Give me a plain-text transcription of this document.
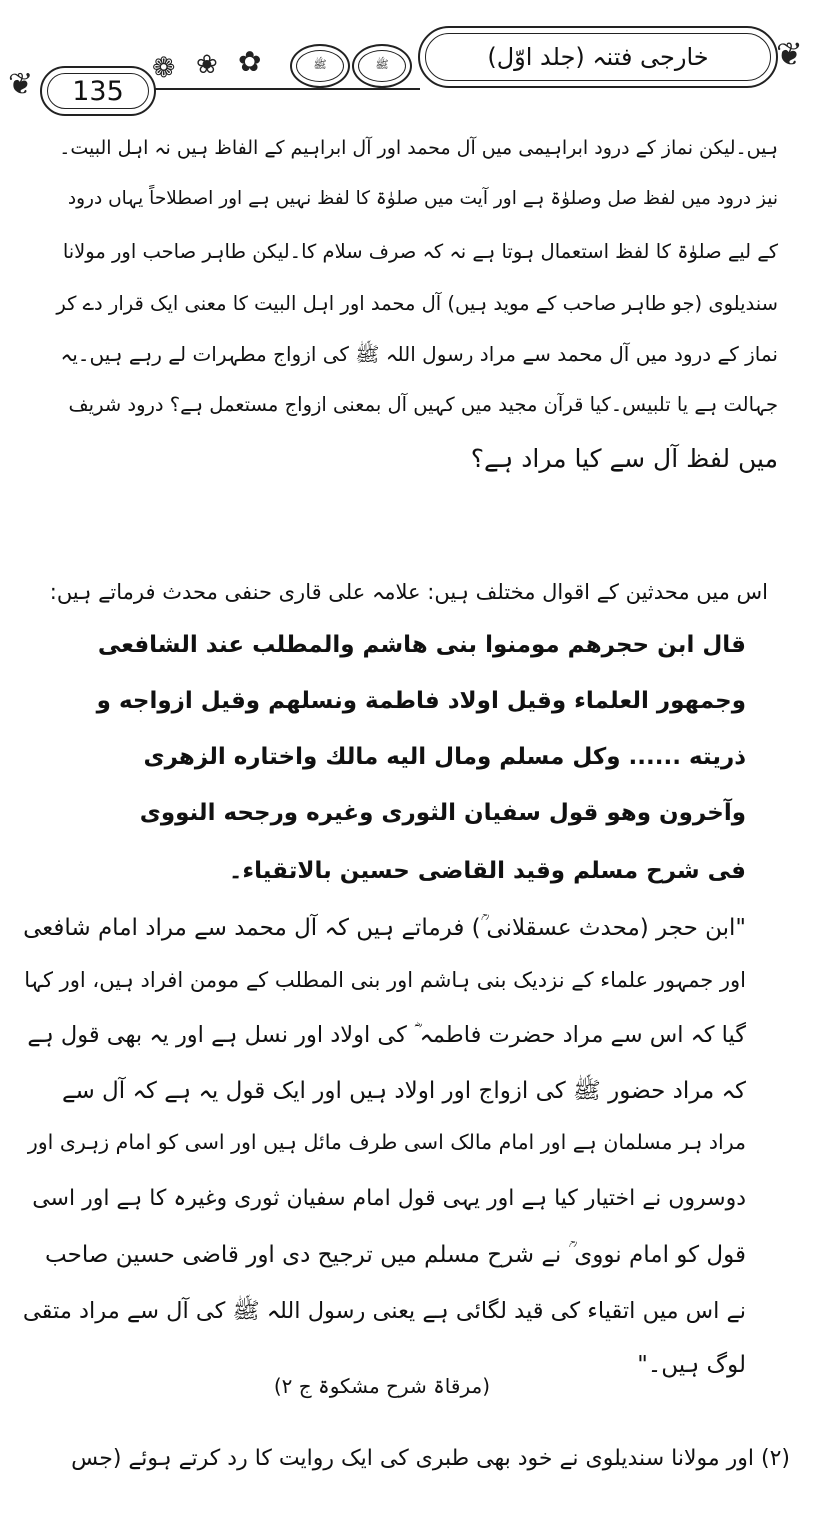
خارجی فتنہ (جلد اوّل) ❦
ﷺ
ﷺ
✿
❀
❁
135
❦
ہیں۔لیکن نماز کے درود ابراہیمی میں آل محمد اور آل ابراہیم کے الفاظ ہیں نہ اہل البیت۔
نیز درود میں لفظ صل وصلوٰۃ ہے اور آیت میں صلوٰۃ کا لفظ نہیں ہے اور اصطلاحاً یہاں درود
کے لیے صلوٰۃ کا لفظ استعمال ہوتا ہے نہ کہ صرف سلام کا۔لیکن طاہر صاحب اور مولانا
سندیلوی (جو طاہر صاحب کے موید ہیں) آل محمد اور اہل البیت کا معنی ایک قرار دے کر
نماز کے درود میں آل محمد سے مراد رسول اللہ ﷺ کی ازواج مطہرات لے رہے ہیں۔یہ
جہالت ہے یا تلبیس۔کیا قرآن مجید میں کہیں آل بمعنی ازواج مستعمل ہے؟ درود شریف
میں لفظ آل سے کیا مراد ہے؟
اس میں محدثین کے اقوال مختلف ہیں: علامہ علی قاری حنفی محدث فرماتے ہیں:
قال ابن حجرهم مومنوا بنی هاشم والمطلب عند الشافعی
وجمهور العلماء وقيل اولاد فاطمة ونسلهم وقيل ازواجه و
ذريته ...... وكل مسلم ومال اليه مالك واختاره الزهری
وآخرون وهو قول سفيان الثوری وغيره ورجحه النووی
فی شرح مسلم وقيد القاضی حسين بالاتقياء۔
"ابن حجر (محدث عسقلانی ؒ) فرماتے ہیں کہ آل محمد سے مراد امام شافعی
اور جمہور علماء کے نزدیک بنی ہاشم اور بنی المطلب کے مومن افراد ہیں، اور کہا
گیا کہ اس سے مراد حضرت فاطمہ ؓ کی اولاد اور نسل ہے اور یہ بھی قول ہے
کہ مراد حضور ﷺ کی ازواج اور اولاد ہیں اور ایک قول یہ ہے کہ آل سے
مراد ہر مسلمان ہے اور امام مالک اسی طرف مائل ہیں اور اسی کو امام زہری اور
دوسروں نے اختیار کیا ہے اور یہی قول امام سفیان ثوری وغیرہ کا ہے اور اسی
قول کو امام نووی ؒ نے شرح مسلم میں ترجیح دی اور قاضی حسین صاحب
نے اس میں اتقیاء کی قید لگائی ہے یعنی رسول اللہ ﷺ کی آل سے مراد متقی
لوگ ہیں۔"
(مرقاۃ شرح مشکوۃ ج ۲)
(۲) اور مولانا سندیلوی نے خود بھی طبری کی ایک روایت کا رد کرتے ہوئے (جس
